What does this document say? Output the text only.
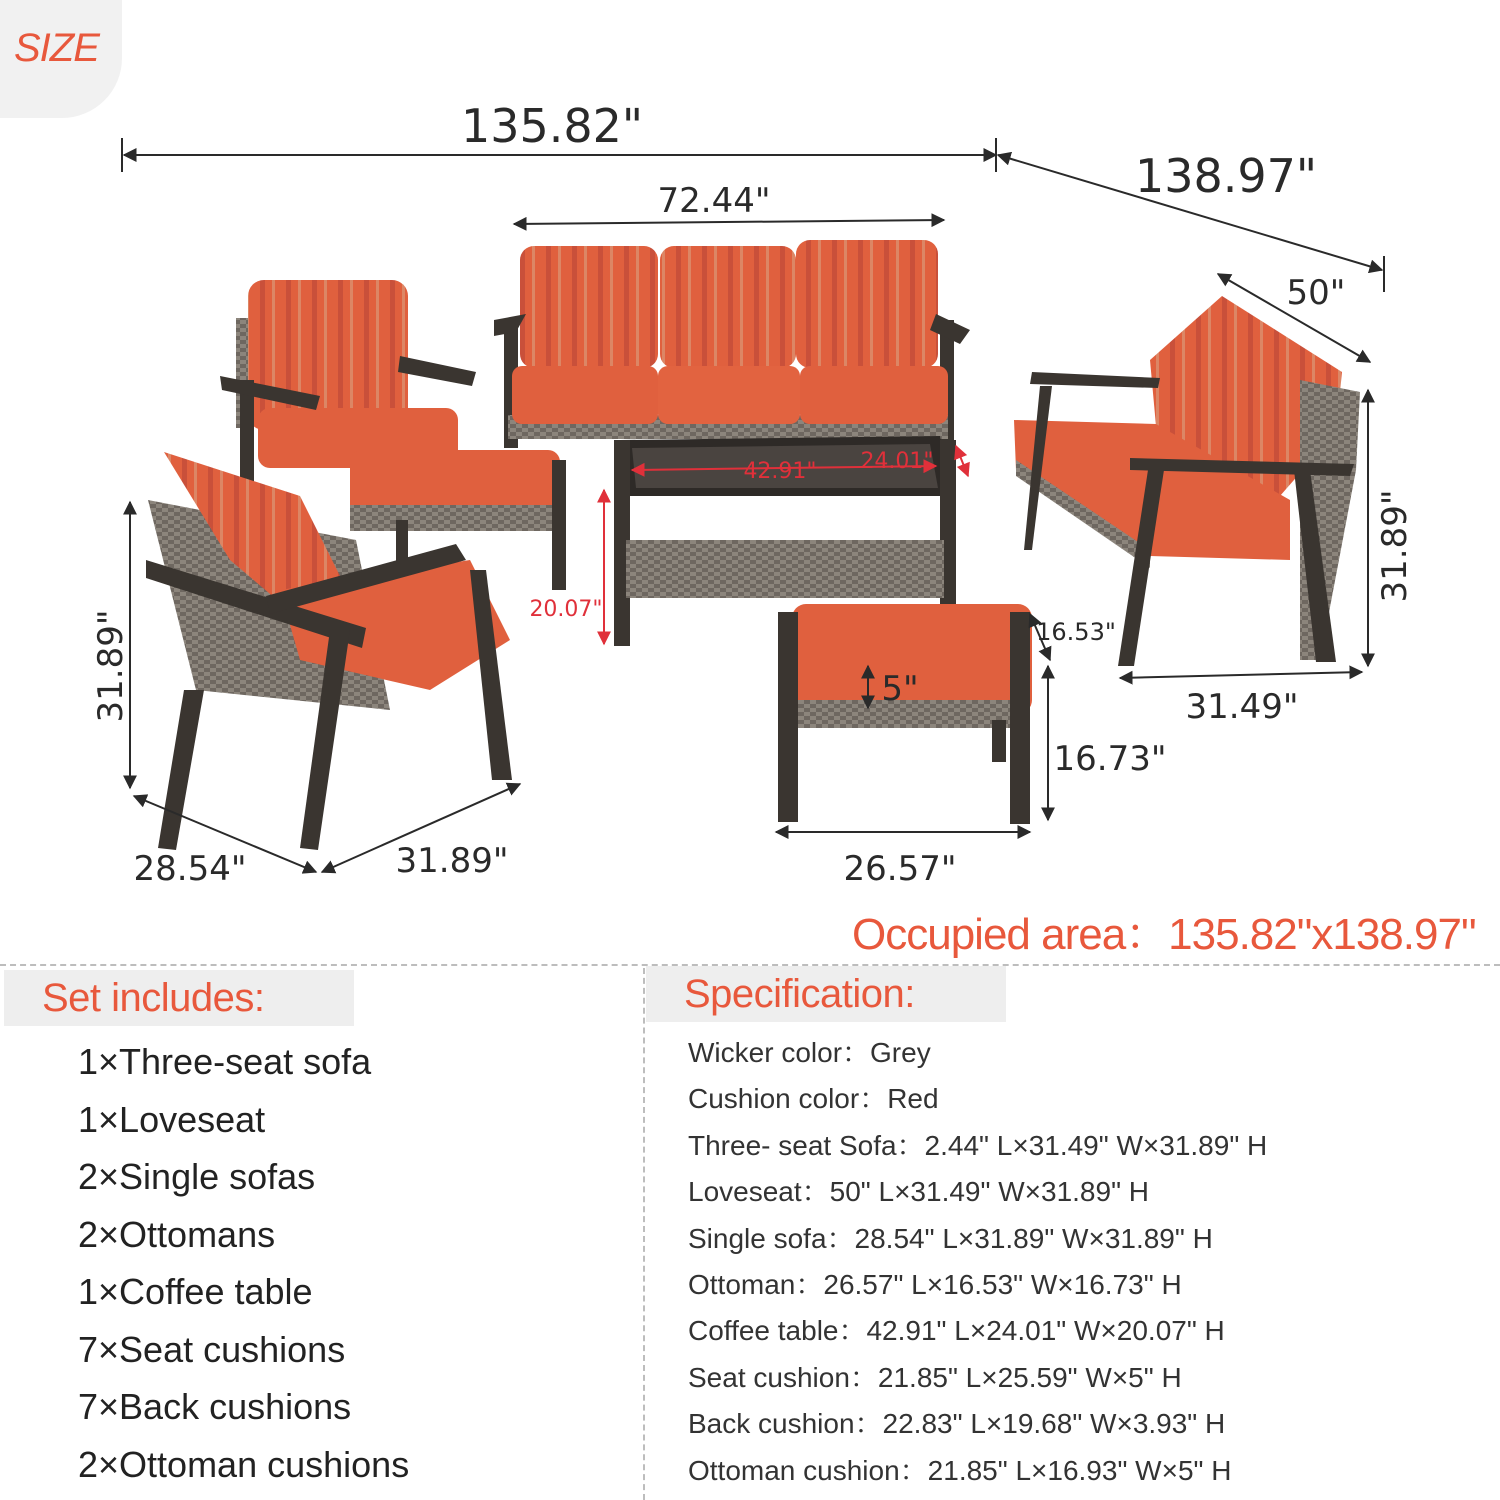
SIZE
135.82"
138.97"
72.44"
50"
31.89"
31.49"
42.91" 24.01"
20.07"
31.89"
28.54"	31.89"
16.53"
5"
16.73"
26.57"
Occupied area：135.82"x138.97"
Set includes:
1×Three-seat sofa
1×Loveseat
2×Single sofas
2×Ottomans
1×Coffee table
7×Seat cushions
7×Back cushions
2×Ottoman cushions
Specification:
Wicker color：Grey
Cushion color：Red
Three- seat Sofa：2.44" L×31.49" W×31.89" H
Loveseat：50" L×31.49" W×31.89" H
Single sofa：28.54" L×31.89" W×31.89" H
Ottoman：26.57" L×16.53" W×16.73" H
Coffee table：42.91" L×24.01" W×20.07" H
Seat cushion：21.85" L×25.59" W×5" H
Back cushion：22.83" L×19.68" W×3.93" H
Ottoman cushion：21.85" L×16.93" W×5" H
